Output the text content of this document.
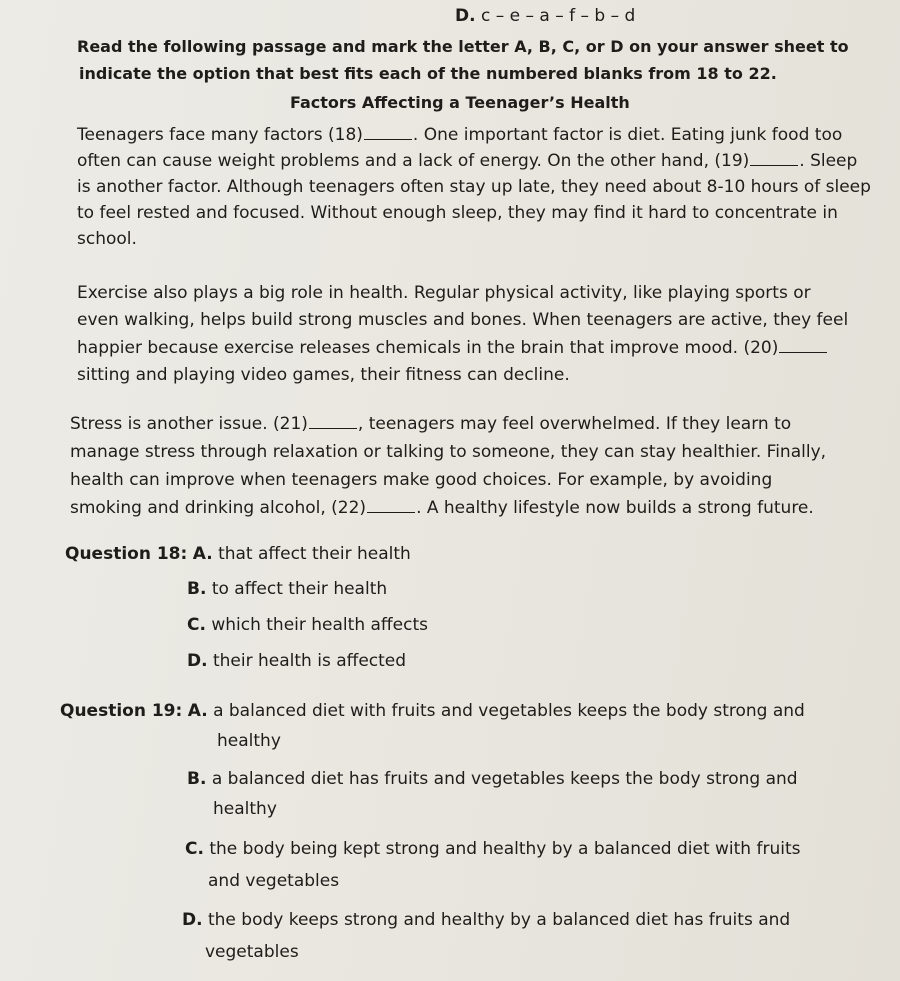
D. c – e – a – f – b – d
Read the following passage and mark the letter A, B, C, or D on your answer sheet to
indicate the option that best fits each of the numbered blanks from 18 to 22.
Factors Affecting a Teenager’s Health
Teenagers face many factors (18)	. One important factor is diet. Eating junk food too
often can cause weight problems and a lack of energy. On the other hand, (19)	. Sleep
is another factor. Although teenagers often stay up late, they need about 8-10 hours of sleep
to feel rested and focused. Without enough sleep, they may find it hard to concentrate in
school.
Exercise also plays a big role in health. Regular physical activity, like playing sports or
even walking, helps build strong muscles and bones. When teenagers are active, they feel
happier because exercise releases chemicals in the brain that improve mood. (20)
sitting and playing video games, their fitness can decline.
Stress is another issue. (21)	, teenagers may feel overwhelmed. If they learn to
manage stress through relaxation or talking to someone, they can stay healthier. Finally,
health can improve when teenagers make good choices. For example, by avoiding
smoking and drinking alcohol, (22)	. A healthy lifestyle now builds a strong future.
Question 18: A. that affect their health
B. to affect their health
C. which their health affects
D. their health is affected
Question 19: A. a balanced diet with fruits and vegetables keeps the body strong and
healthy
B. a balanced diet has fruits and vegetables keeps the body strong and
healthy
C. the body being kept strong and healthy by a balanced diet with fruits
and vegetables
D. the body keeps strong and healthy by a balanced diet has fruits and
vegetables
